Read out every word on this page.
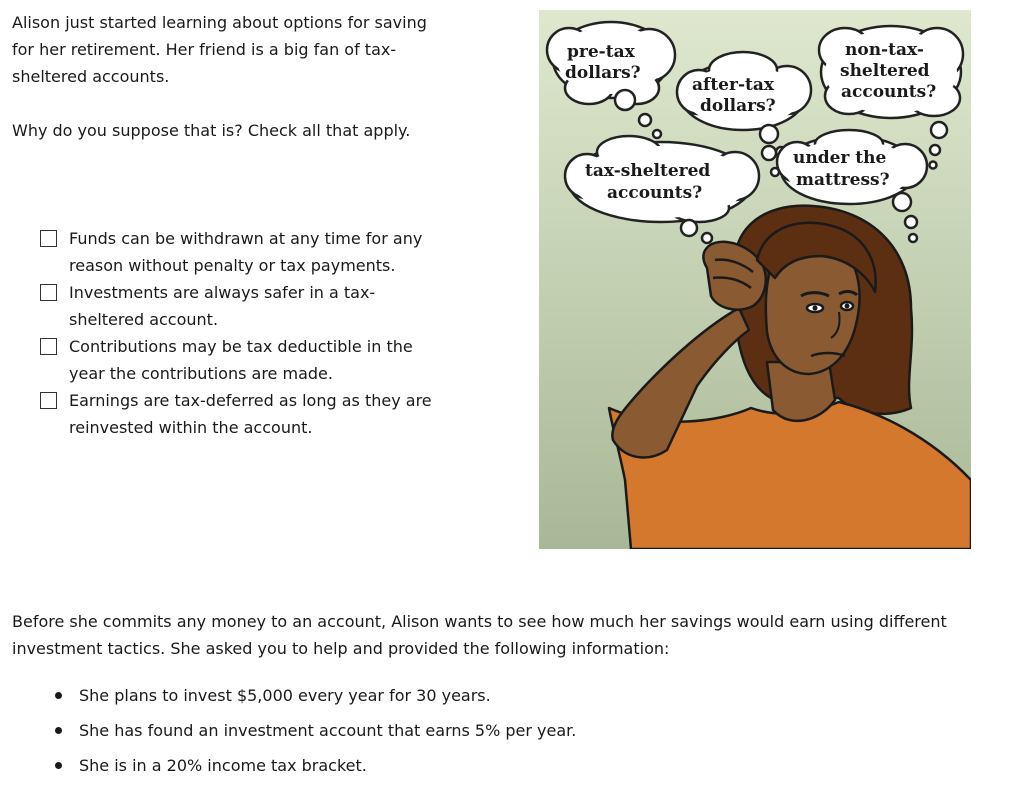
Alison just started learning about options for saving for her retirement. Her friend is a big fan of tax-sheltered accounts.

Why do you suppose that is? Check all that apply.

Funds can be withdrawn at any time for any reason without penalty or tax payments.
Investments are always safer in a tax-sheltered account.
Contributions may be tax deductible in the year the contributions are made.
Earnings are tax-deferred as long as they are reinvested within the account.
pre-tax
dollars?
after-tax
dollars?
non-tax-
sheltered
accounts?
tax-sheltered
accounts?
under the
mattress?

Before she commits any money to an account, Alison wants to see how much her savings would earn using different investment tactics. She asked you to help and provided the following information:

She plans to invest $5,000 every year for 30 years.
She has found an investment account that earns 5% per year.
She is in a 20% income tax bracket.
